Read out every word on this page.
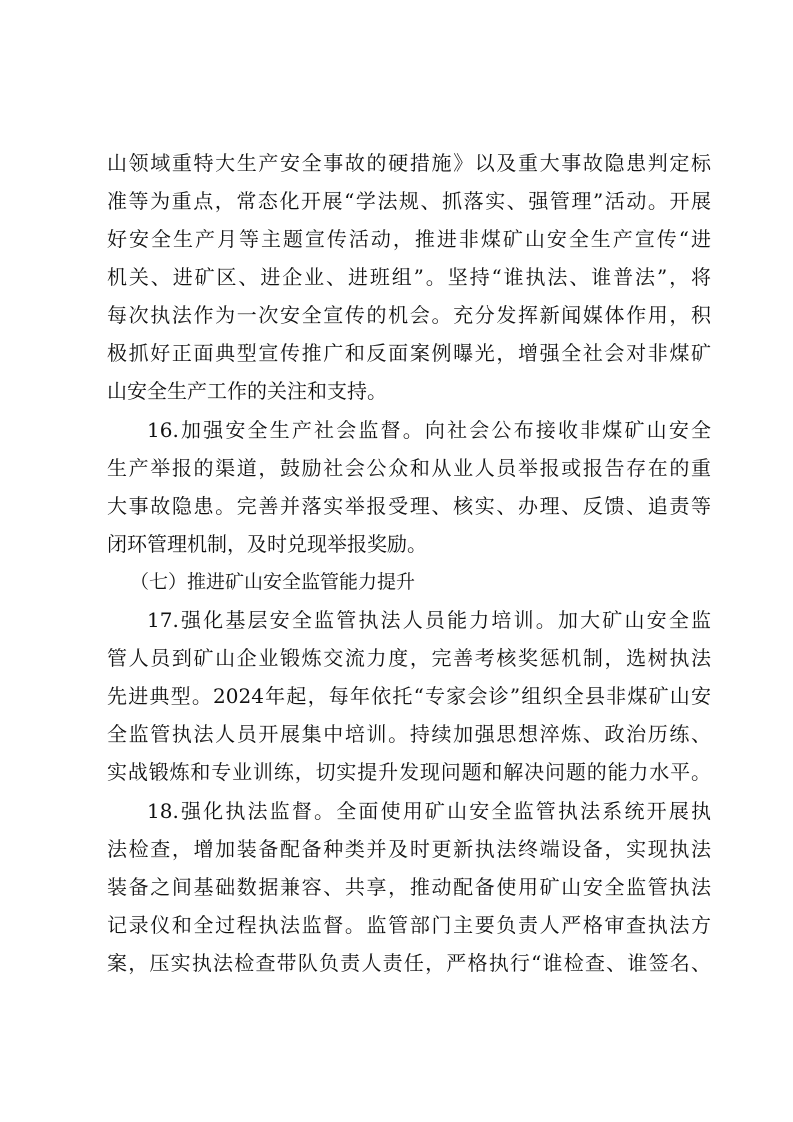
山领域重特大生产安全事故的硬措施》以及重大事故隐患判定标
准等为重点，常态化开展“学法规、抓落实、强管理”活动。开展
好安全生产月等主题宣传活动，推进非煤矿山安全生产宣传“进
机关、进矿区、进企业、进班组”。坚持“谁执法、谁普法”，将
每次执法作为一次安全宣传的机会。充分发挥新闻媒体作用，积
极抓好正面典型宣传推广和反面案例曝光，增强全社会对非煤矿
山安全生产工作的关注和支持。
16.加强安全生产社会监督。向社会公布接收非煤矿山安全
生产举报的渠道，鼓励社会公众和从业人员举报或报告存在的重
大事故隐患。完善并落实举报受理、核实、办理、反馈、追责等
闭环管理机制，及时兑现举报奖励。
（七）推进矿山安全监管能力提升
17.强化基层安全监管执法人员能力培训。加大矿山安全监
管人员到矿山企业锻炼交流力度，完善考核奖惩机制，选树执法
先进典型。2024年起，每年依托“专家会诊”组织全县非煤矿山安
全监管执法人员开展集中培训。持续加强思想淬炼、政治历练、
实战锻炼和专业训练，切实提升发现问题和解决问题的能力水平。
18.强化执法监督。全面使用矿山安全监管执法系统开展执
法检查，增加装备配备种类并及时更新执法终端设备，实现执法
装备之间基础数据兼容、共享，推动配备使用矿山安全监管执法
记录仪和全过程执法监督。监管部门主要负责人严格审查执法方
案，压实执法检查带队负责人责任，严格执行“谁检查、谁签名、
